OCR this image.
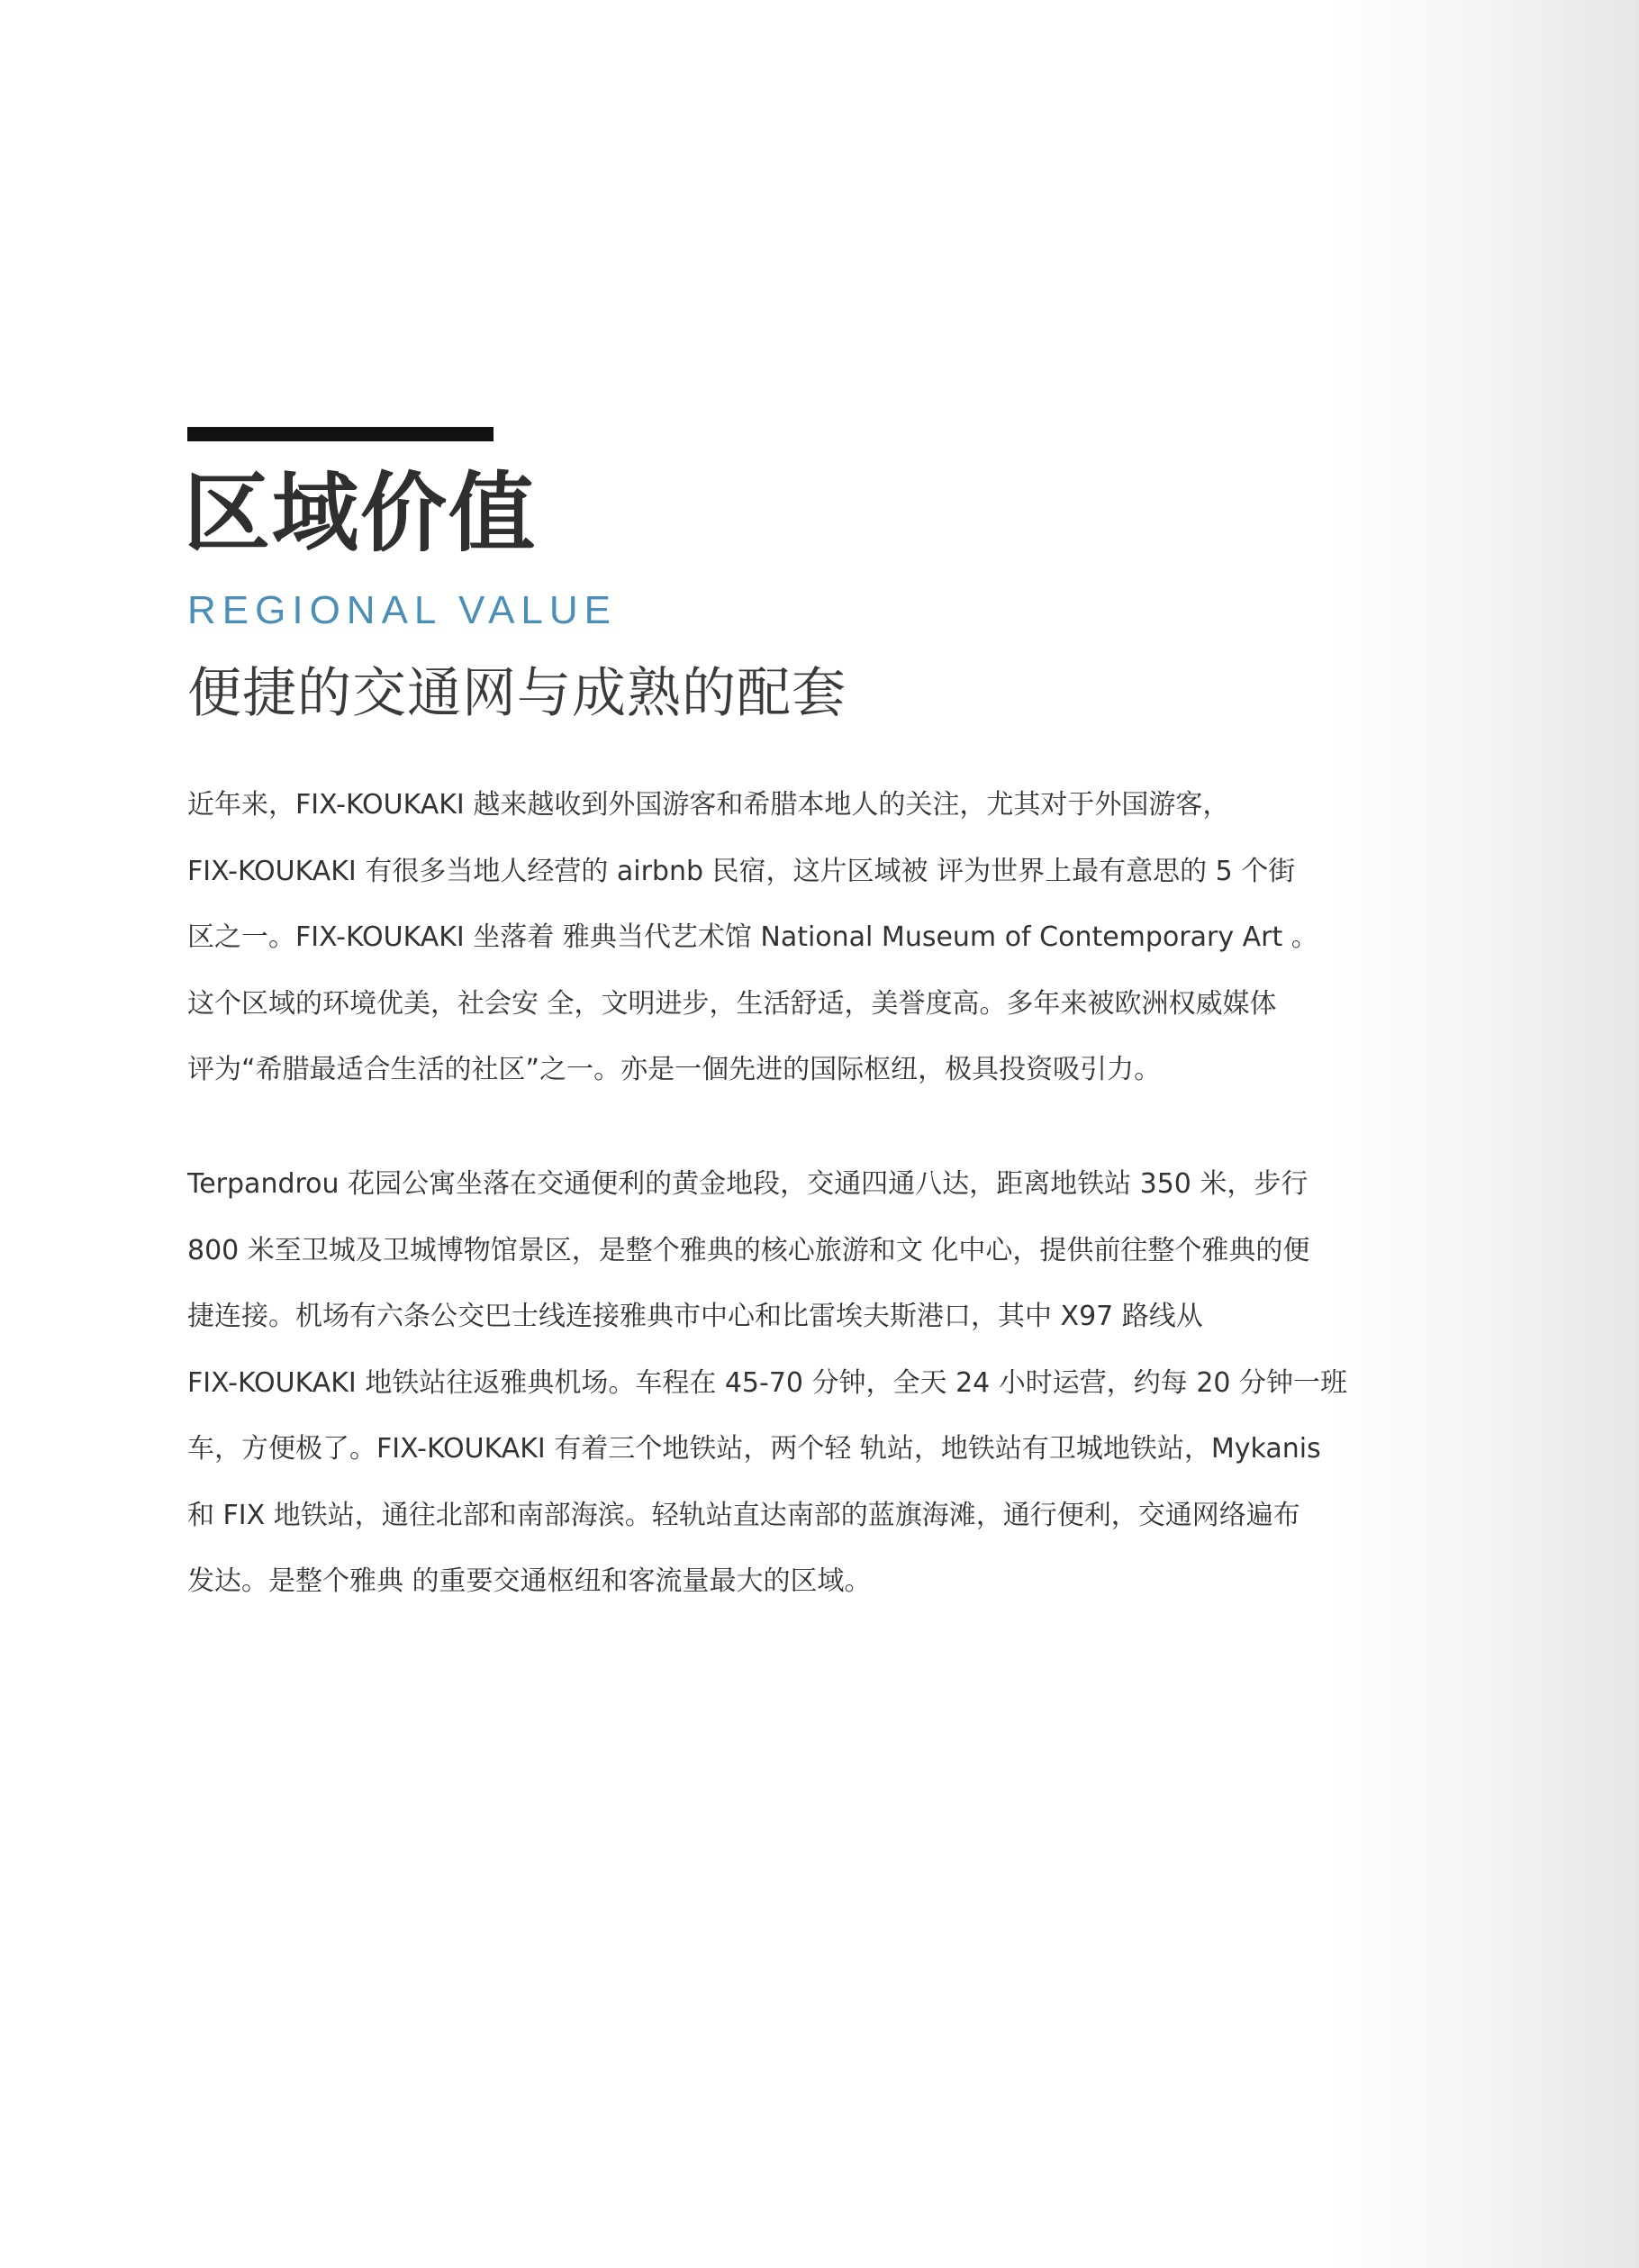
区域价值
REGIONAL VALUE
便捷的交通网与成熟的配套
近年来，FIX-KOUKAKI 越来越收到外国游客和希腊本地人的关注，尤其对于外国游客，
FIX-KOUKAKI 有很多当地人经营的 airbnb 民宿，这片区域被 评为世界上最有意思的 5 个街
区之一。FIX-KOUKAKI 坐落着 雅典当代艺术馆 National Museum of Contemporary Art 。
这个区域的环境优美，社会安 全，文明进步，生活舒适，美誉度高。多年来被欧洲权威媒体
评为“希腊最适合生活的社区”之一。亦是一個先进的国际枢纽，极具投资吸引力。
Terpandrou 花园公寓坐落在交通便利的黄金地段，交通四通八达，距离地铁站 350 米，步行
800 米至卫城及卫城博物馆景区，是整个雅典的核心旅游和文 化中心，提供前往整个雅典的便
捷连接。机场有六条公交巴士线连接雅典市中心和比雷埃夫斯港口，其中 X97 路线从
FIX-KOUKAKI 地铁站往返雅典机场。车程在 45-70 分钟，全天 24 小时运营，约每 20 分钟一班
车，方便极了。FIX-KOUKAKI 有着三个地铁站，两个轻 轨站，地铁站有卫城地铁站，Mykanis
和 FIX 地铁站，通往北部和南部海滨。轻轨站直达南部的蓝旗海滩，通行便利，交通网络遍布
发达。是整个雅典 的重要交通枢纽和客流量最大的区域。
